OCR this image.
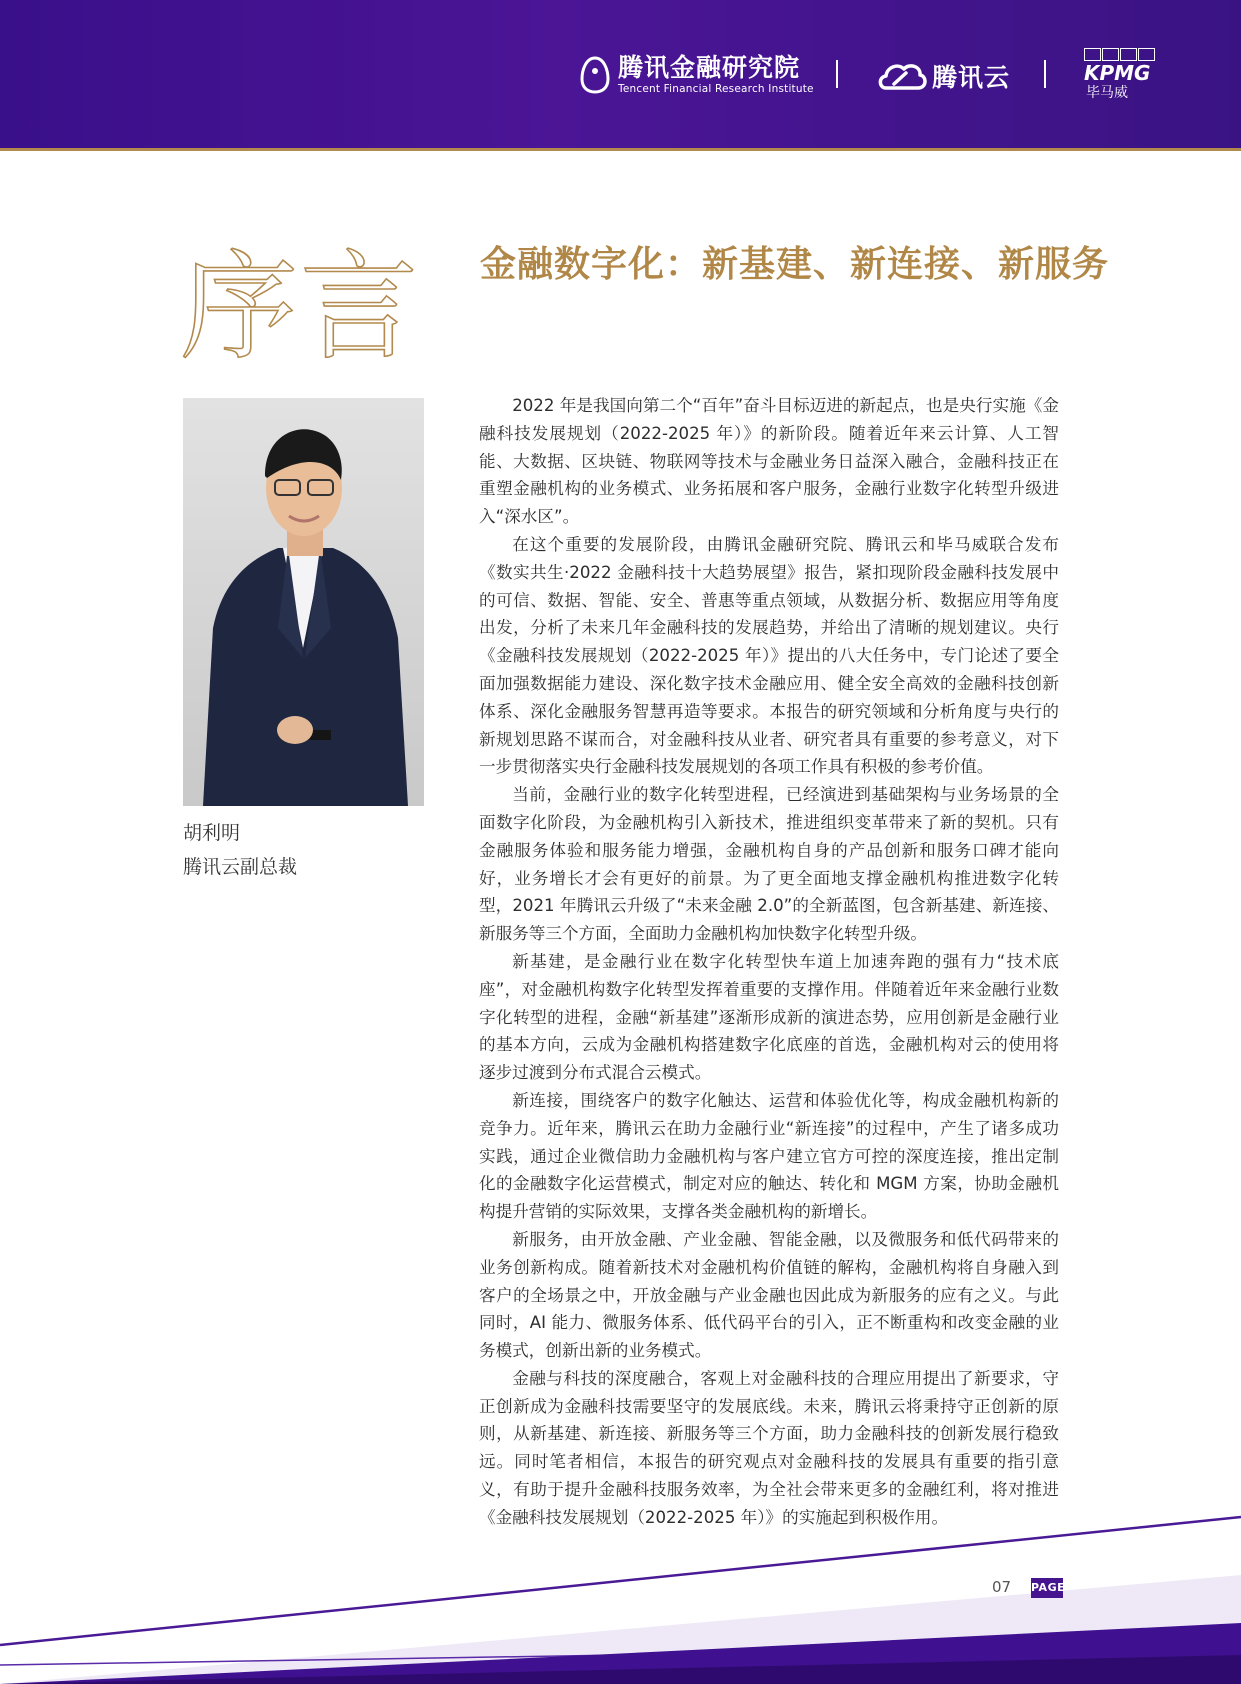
腾讯金融研究院
Tencent Financial Research Institute	腾讯云	KPMG
毕马威
序言 金融数字化：新基建、新连接、新服务
胡利明
腾讯云副总裁

2022 年是我国向第二个“百年”奋斗目标迈进的新起点，也是央行实施《金融科技发展规划（2022-2025 年）》的新阶段。随着近年来云计算、人工智能、大数据、区块链、物联网等技术与金融业务日益深入融合，金融科技正在重塑金融机构的业务模式、业务拓展和客户服务，金融行业数字化转型升级进入“深水区”。

在这个重要的发展阶段，由腾讯金融研究院、腾讯云和毕马威联合发布《数实共生·2022 金融科技十大趋势展望》报告，紧扣现阶段金融科技发展中的可信、数据、智能、安全、普惠等重点领域，从数据分析、数据应用等角度出发，分析了未来几年金融科技的发展趋势，并给出了清晰的规划建议。央行《金融科技发展规划（2022-2025 年）》提出的八大任务中，专门论述了要全面加强数据能力建设、深化数字技术金融应用、健全安全高效的金融科技创新体系、深化金融服务智慧再造等要求。本报告的研究领域和分析角度与央行的新规划思路不谋而合，对金融科技从业者、研究者具有重要的参考意义，对下一步贯彻落实央行金融科技发展规划的各项工作具有积极的参考价值。

当前，金融行业的数字化转型进程，已经演进到基础架构与业务场景的全面数字化阶段，为金融机构引入新技术，推进组织变革带来了新的契机。只有金融服务体验和服务能力增强，金融机构自身的产品创新和服务口碑才能向好，业务增长才会有更好的前景。为了更全面地支撑金融机构推进数字化转型，2021 年腾讯云升级了“未来金融 2.0”的全新蓝图，包含新基建、新连接、新服务等三个方面，全面助力金融机构加快数字化转型升级。

新基建，是金融行业在数字化转型快车道上加速奔跑的强有力“技术底座”，对金融机构数字化转型发挥着重要的支撑作用。伴随着近年来金融行业数字化转型的进程，金融“新基建”逐渐形成新的演进态势，应用创新是金融行业的基本方向，云成为金融机构搭建数字化底座的首选，金融机构对云的使用将逐步过渡到分布式混合云模式。

新连接，围绕客户的数字化触达、运营和体验优化等，构成金融机构新的竞争力。近年来，腾讯云在助力金融行业“新连接”的过程中，产生了诸多成功实践，通过企业微信助力金融机构与客户建立官方可控的深度连接，推出定制化的金融数字化运营模式，制定对应的触达、转化和 MGM 方案，协助金融机构提升营销的实际效果，支撑各类金融机构的新增长。

新服务，由开放金融、产业金融、智能金融，以及微服务和低代码带来的业务创新构成。随着新技术对金融机构价值链的解构，金融机构将自身融入到客户的全场景之中，开放金融与产业金融也因此成为新服务的应有之义。与此同时，AI 能力、微服务体系、低代码平台的引入，正不断重构和改变金融的业务模式，创新出新的业务模式。

金融与科技的深度融合，客观上对金融科技的合理应用提出了新要求，守正创新成为金融科技需要坚守的发展底线。未来，腾讯云将秉持守正创新的原则，从新基建、新连接、新服务等三个方面，助力金融科技的创新发展行稳致远。同时笔者相信，本报告的研究观点对金融科技的发展具有重要的指引意义，有助于提升金融科技服务效率，为全社会带来更多的金融红利，将对推进《金融科技发展规划（2022-2025 年）》的实施起到积极作用。

07 PAGE
